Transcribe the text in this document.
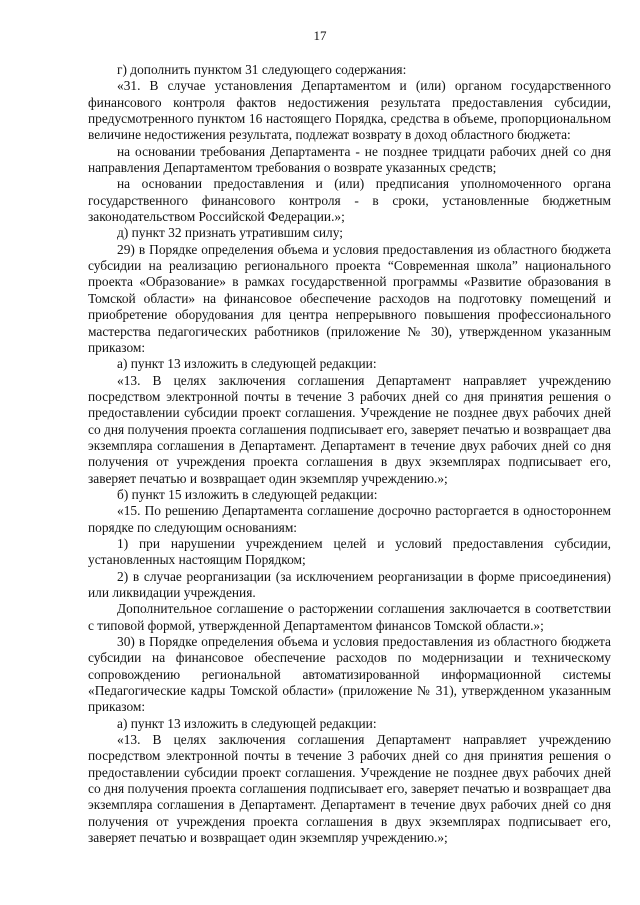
17

г) дополнить пунктом 31 следующего содержания:

«31. В случае установления Департаментом и (или) органом государственного финансового контроля фактов недостижения результата предоставления субсидии, предусмотренного пунктом 16 настоящего Порядка, средства в объеме, пропорциональном величине недостижения результата, подлежат возврату в доход областного бюджета:

на основании требования Департамента - не позднее тридцати рабочих дней со дня направления Департаментом требования о возврате указанных средств;

на основании предоставления и (или) предписания уполномоченного органа государственного финансового контроля - в сроки, установленные бюджетным законодательством Российской Федерации.»;

д) пункт 32 признать утратившим силу;

29) в Порядке определения объема и условия предоставления из областного бюджета субсидии на реализацию регионального проекта “Современная школа” национального проекта «Образование» в рамках государственной программы «Развитие образования в Томской области» на финансовое обеспечение расходов на подготовку помещений и приобретение оборудования для центра непрерывного повышения профессионального мастерства педагогических работников (приложение № 30), утвержденном указанным приказом:

а) пункт 13 изложить в следующей редакции:

«13. В целях заключения соглашения Департамент направляет учреждению посредством электронной почты в течение 3 рабочих дней со дня принятия решения о предоставлении субсидии проект соглашения. Учреждение не позднее двух рабочих дней со дня получения проекта соглашения подписывает его, заверяет печатью и возвращает два экземпляра соглашения в Департамент. Департамент в течение двух рабочих дней со дня получения от учреждения проекта соглашения в двух экземплярах подписывает его, заверяет печатью и возвращает один экземпляр учреждению.»;

б) пункт 15 изложить в следующей редакции:

«15. По решению Департамента соглашение досрочно расторгается в одностороннем порядке по следующим основаниям:

1) при нарушении учреждением целей и условий предоставления субсидии, установленных настоящим Порядком;

2) в случае реорганизации (за исключением реорганизации в форме присоединения) или ликвидации учреждения.

Дополнительное соглашение о расторжении соглашения заключается в соответствии с типовой формой, утвержденной Департаментом финансов Томской области.»;

30) в Порядке определения объема и условия предоставления из областного бюджета субсидии на финансовое обеспечение расходов по модернизации и техническому сопровождению региональной автоматизированной информационной системы «Педагогические кадры Томской области» (приложение № 31), утвержденном указанным приказом:

а) пункт 13 изложить в следующей редакции:

«13. В целях заключения соглашения Департамент направляет учреждению посредством электронной почты в течение 3 рабочих дней со дня принятия решения о предоставлении субсидии проект соглашения. Учреждение не позднее двух рабочих дней со дня получения проекта соглашения подписывает его, заверяет печатью и возвращает два экземпляра соглашения в Департамент. Департамент в течение двух рабочих дней со дня получения от учреждения проекта соглашения в двух экземплярах подписывает его, заверяет печатью и возвращает один экземпляр учреждению.»;
